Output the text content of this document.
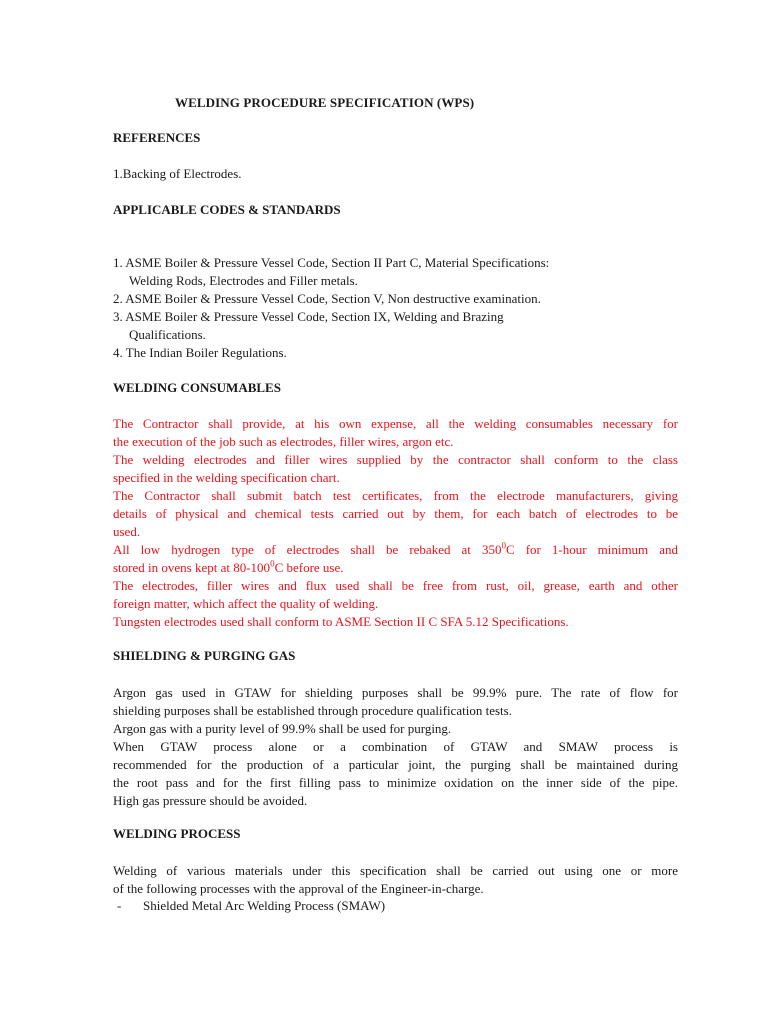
WELDING PROCEDURE SPECIFICATION (WPS)
REFERENCES
1.Backing of Electrodes.
APPLICABLE CODES & STANDARDS
1. ASME Boiler & Pressure Vessel Code, Section II Part C, Material Specifications:
Welding Rods, Electrodes and Filler metals.
2. ASME Boiler & Pressure Vessel Code, Section V, Non destructive examination.
3. ASME Boiler & Pressure Vessel Code, Section IX, Welding and Brazing
Qualifications.
4. The Indian Boiler Regulations.
WELDING CONSUMABLES
The Contractor shall provide, at his own expense, all the welding consumables necessary for
the execution of the job such as electrodes, filler wires, argon etc.
The welding electrodes and filler wires supplied by the contractor shall conform to the class
specified in the welding specification chart.
The Contractor shall submit batch test certificates, from the electrode manufacturers, giving
details of physical and chemical tests carried out by them, for each batch of electrodes to be
used.
All low hydrogen type of electrodes shall be rebaked at $350^0C$ for 1-hour minimum and
stored in ovens kept at $80-100^0C$ before use.
The electrodes, filler wires and flux used shall be free from rust, oil, grease, earth and other
foreign matter, which affect the quality of welding.
Tungsten electrodes used shall conform to ASME Section II C SFA 5.12 Specifications.
SHIELDING & PURGING GAS
Argon gas used in GTAW for shielding purposes shall be 99.9% pure. The rate of flow for
shielding purposes shall be established through procedure qualification tests.
Argon gas with a purity level of 99.9% shall be used for purging.
When GTAW process alone or a combination of GTAW and SMAW process is
recommended for the production of a particular joint, the purging shall be maintained during
the root pass and for the first filling pass to minimize oxidation on the inner side of the pipe.
High gas pressure should be avoided.
WELDING PROCESS
Welding of various materials under this specification shall be carried out using one or more
of the following processes with the approval of the Engineer-in-charge.
- Shielded Metal Arc Welding Process (SMAW)
